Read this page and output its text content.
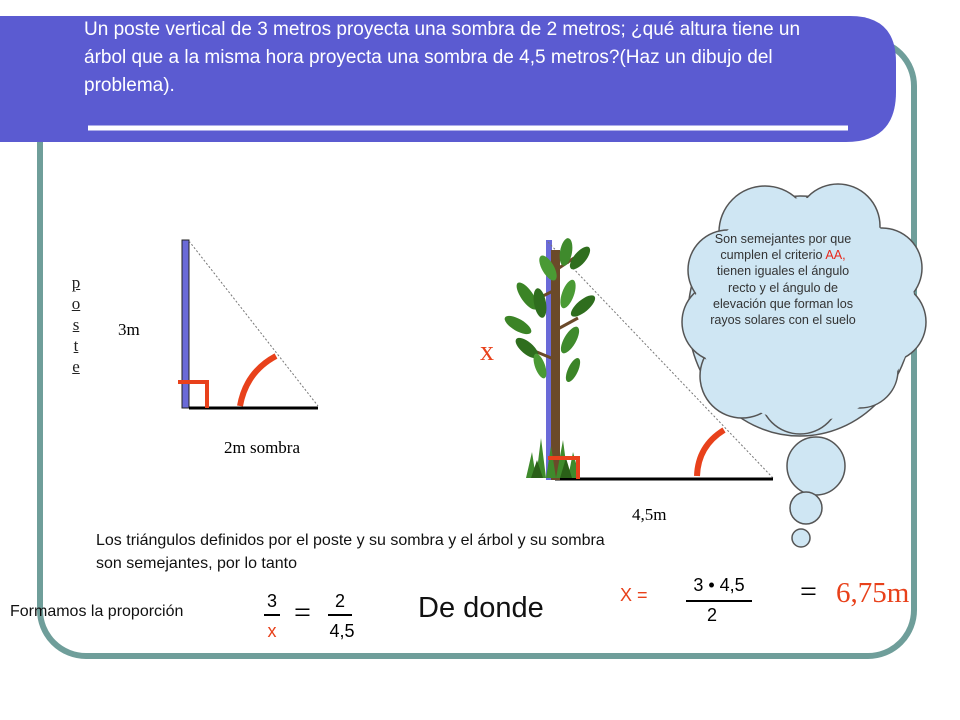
Un poste vertical de 3 metros proyecta una sombra de 2 metros; ¿qué altura tiene un árbol que a la misma hora proyecta una sombra de 4,5 metros?(Haz un dibujo del problema).
p
o
s
t
e
3m
2m sombra
x
4,5m
Son semejantes por que cumplen el criterio AA, tienen iguales el ángulo recto y el ángulo de elevación que forman los rayos solares con el suelo
Los triángulos definidos por el poste y su sombra y el árbol y su sombra
son semejantes, por lo tanto
Formamos la proporción
3
x
=	2
4,5
De donde	X =	3 • 4,5
2
= 6,75m
